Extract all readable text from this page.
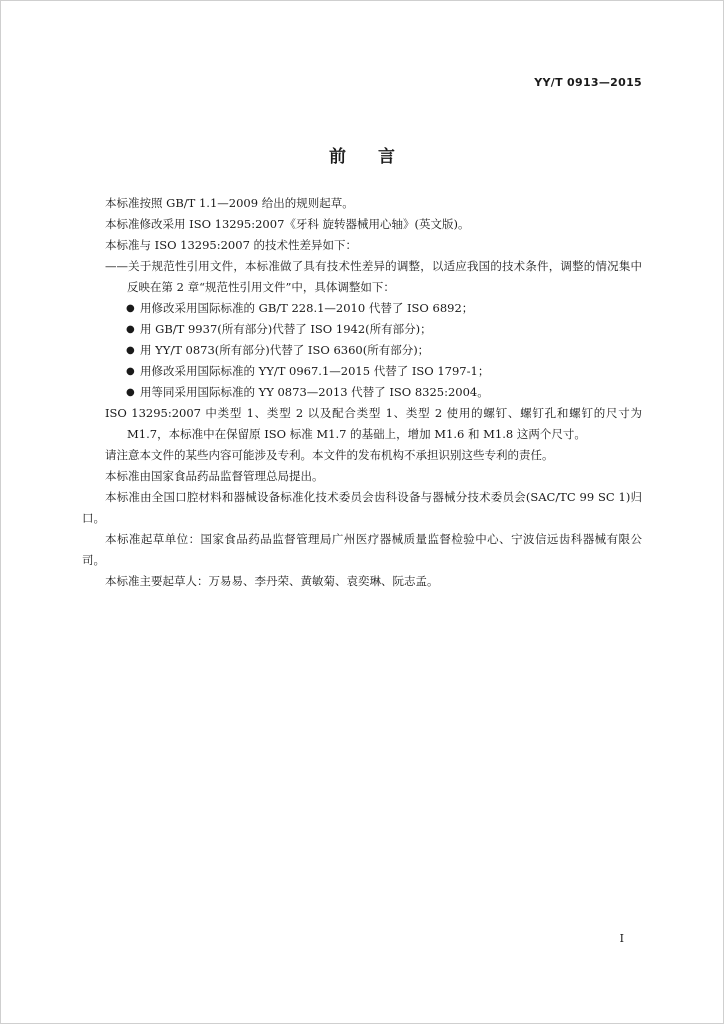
YY/T 0913—2015
前言
本标准按照 GB/T 1.1—2009 给出的规则起草。
本标准修改采用 ISO 13295:2007《牙科 旋转器械用心轴》(英文版)。
本标准与 ISO 13295:2007 的技术性差异如下：
——关于规范性引用文件，本标准做了具有技术性差异的调整，以适应我国的技术条件，调整的情况集中反映在第 2 章“规范性引用文件”中，具体调整如下：
● 用修改采用国际标准的 GB/T 228.1—2010 代替了 ISO 6892；
● 用 GB/T 9937(所有部分)代替了 ISO 1942(所有部分)；
● 用 YY/T 0873(所有部分)代替了 ISO 6360(所有部分)；
● 用修改采用国际标准的 YY/T 0967.1—2015 代替了 ISO 1797-1；
● 用等同采用国际标准的 YY 0873—2013 代替了 ISO 8325:2004。
ISO 13295:2007 中类型 1、类型 2 以及配合类型 1、类型 2 使用的螺钉、螺钉孔和螺钉的尺寸为 M1.7，本标准中在保留原 ISO 标准 M1.7 的基础上，增加 M1.6 和 M1.8 这两个尺寸。
请注意本文件的某些内容可能涉及专利。本文件的发布机构不承担识别这些专利的责任。
本标准由国家食品药品监督管理总局提出。
本标准由全国口腔材料和器械设备标准化技术委员会齿科设备与器械分技术委员会(SAC/TC 99 SC 1)归口。
本标准起草单位：国家食品药品监督管理局广州医疗器械质量监督检验中心、宁波信远齿科器械有限公司。
本标准主要起草人：万易易、李丹荣、黄敏菊、袁奕琳、阮志孟。
I
